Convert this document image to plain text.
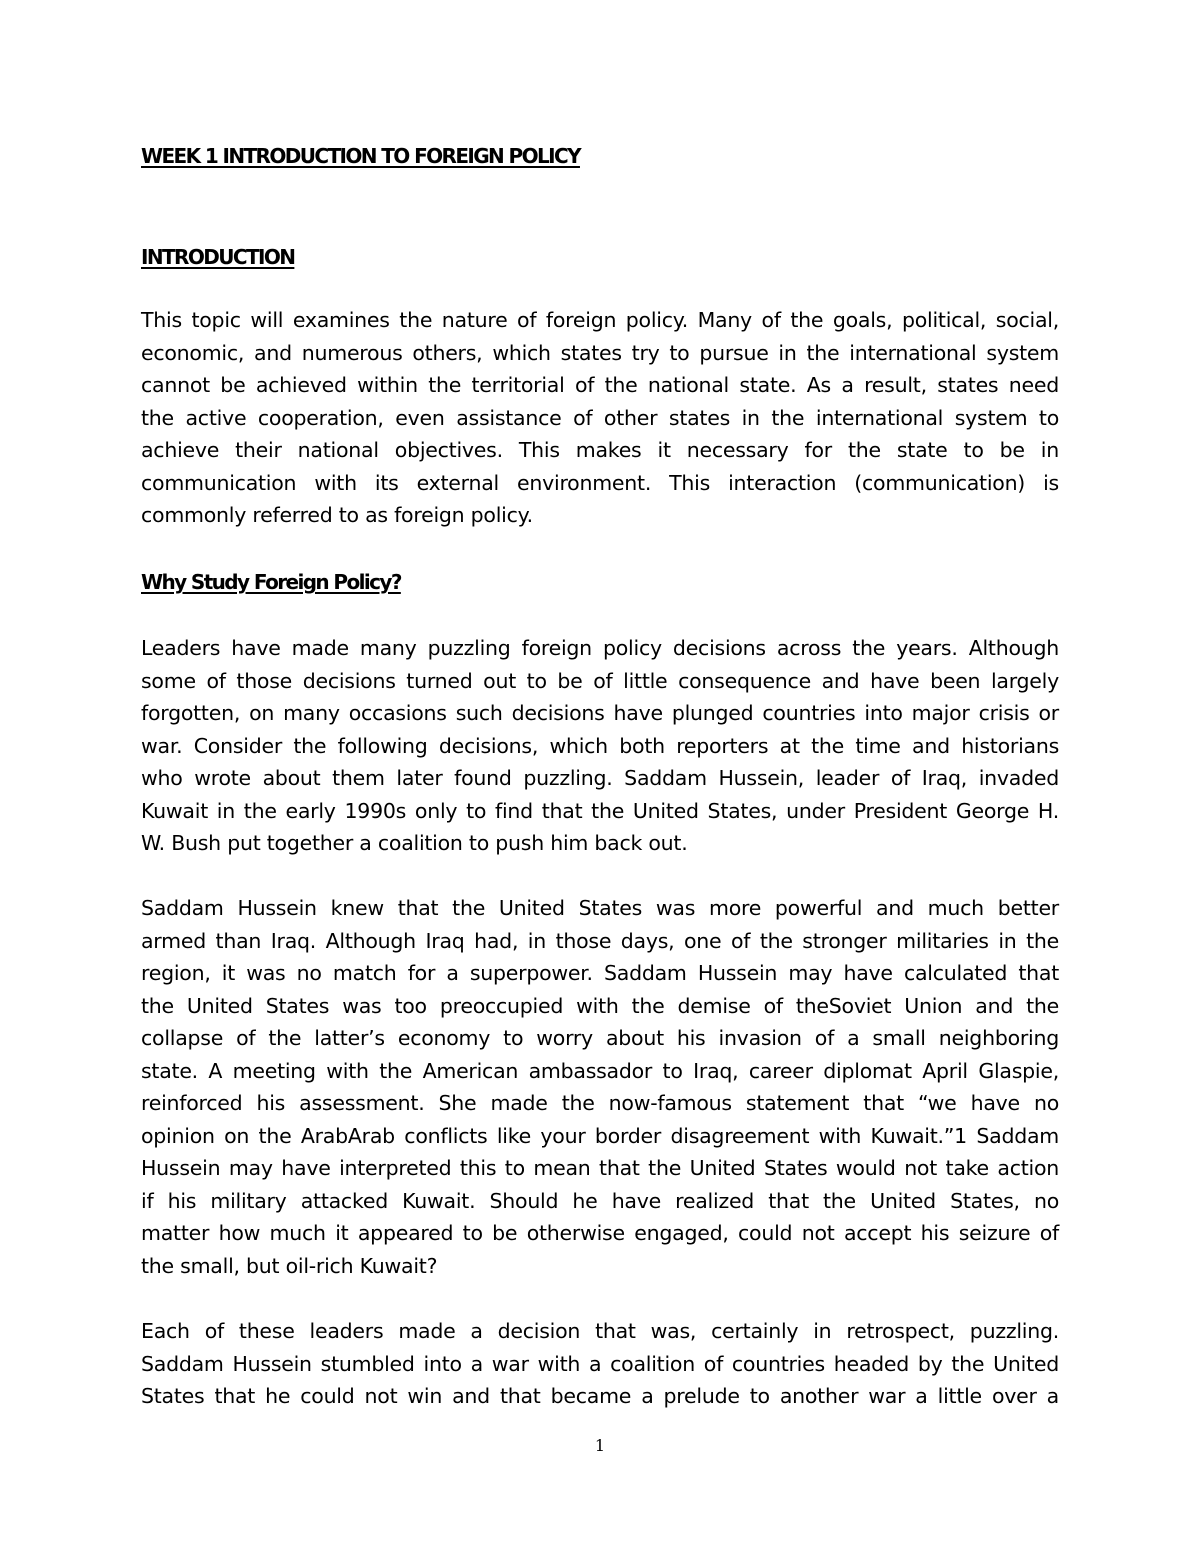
WEEK 1 INTRODUCTION TO FOREIGN POLICY
INTRODUCTION
This topic will examines the nature of foreign policy. Many of the goals, political, social,
economic, and numerous others, which states try to pursue in the international system
cannot be achieved within the territorial of the national state. As a result, states need
the active cooperation, even assistance of other states in the international system to
achieve their national objectives. This makes it necessary for the state to be in
communication with its external environment. This interaction (communication) is
commonly referred to as foreign policy.
Why Study Foreign Policy?
Leaders have made many puzzling foreign policy decisions across the years. Although
some of those decisions turned out to be of little consequence and have been largely
forgotten, on many occasions such decisions have plunged countries into major crisis or
war. Consider the following decisions, which both reporters at the time and historians
who wrote about them later found puzzling. Saddam Hussein, leader of Iraq, invaded
Kuwait in the early 1990s only to find that the United States, under President George H.
W. Bush put together a coalition to push him back out.
Saddam Hussein knew that the United States was more powerful and much better
armed than Iraq. Although Iraq had, in those days, one of the stronger militaries in the
region, it was no match for a superpower. Saddam Hussein may have calculated that
the United States was too preoccupied with the demise of theSoviet Union and the
collapse of the latter’s economy to worry about his invasion of a small neighboring
state. A meeting with the American ambassador to Iraq, career diplomat April Glaspie,
reinforced his assessment. She made the now-famous statement that “we have no
opinion on the ArabArab conflicts like your border disagreement with Kuwait.”1 Saddam
Hussein may have interpreted this to mean that the United States would not take action
if his military attacked Kuwait. Should he have realized that the United States, no
matter how much it appeared to be otherwise engaged, could not accept his seizure of
the small, but oil-rich Kuwait?
Each of these leaders made a decision that was, certainly in retrospect, puzzling.
Saddam Hussein stumbled into a war with a coalition of countries headed by the United
States that he could not win and that became a prelude to another war a little over a
1
